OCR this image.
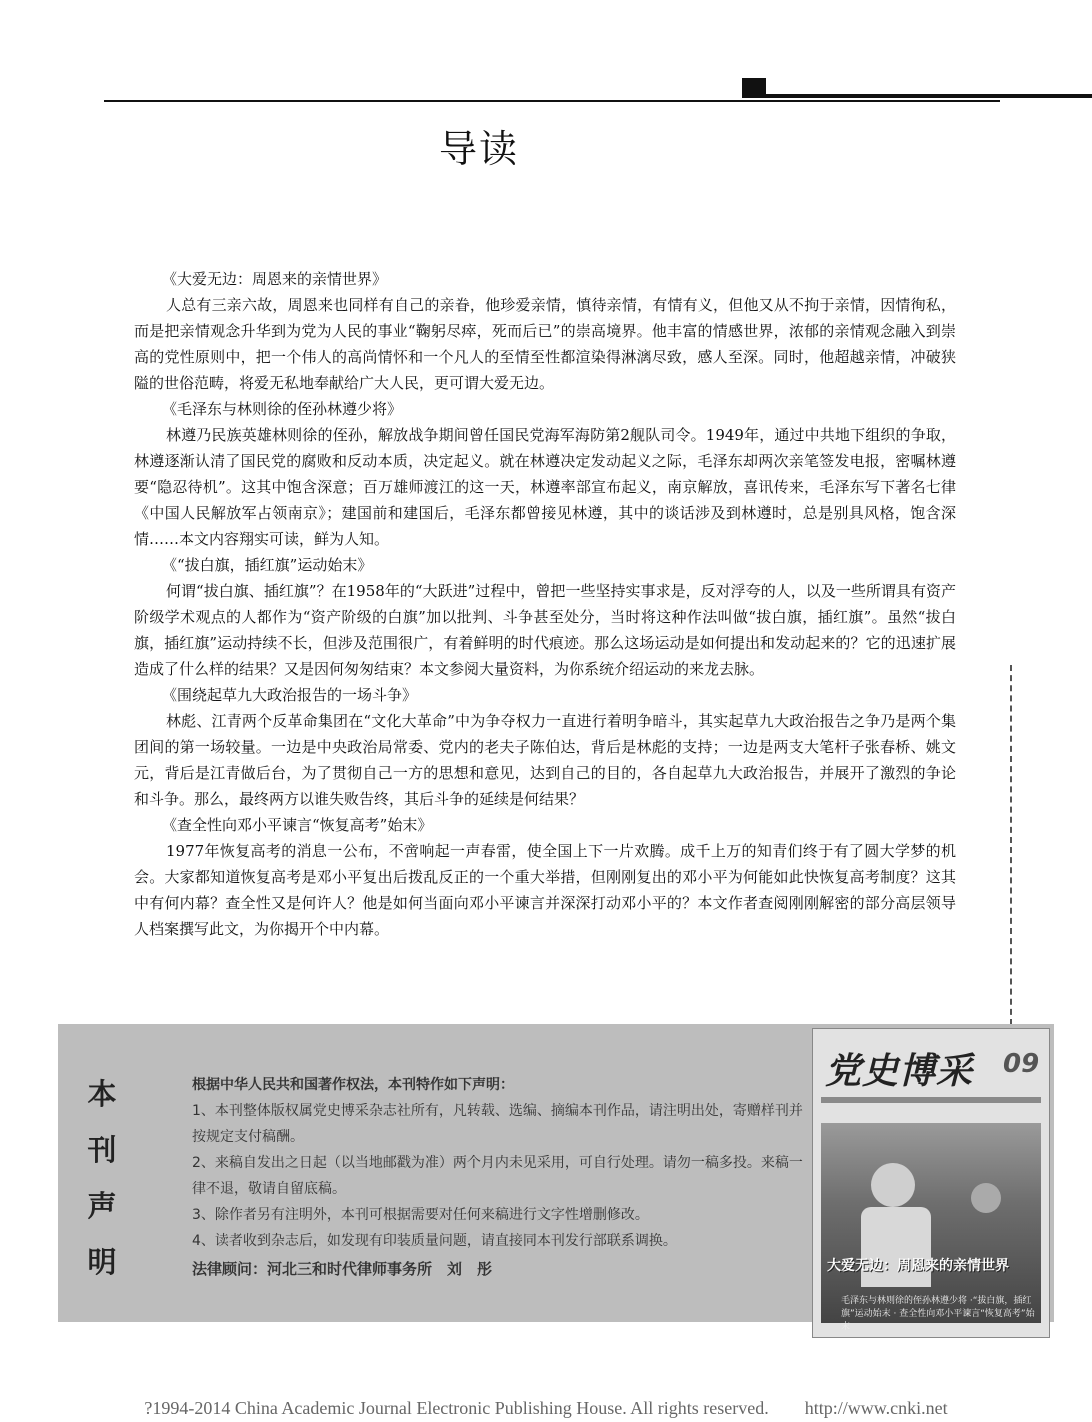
导读

《大爱无边：周恩来的亲情世界》

人总有三亲六故，周恩来也同样有自己的亲眷，他珍爱亲情，慎待亲情，有情有义，但他又从不拘于亲情，因情徇私，而是把亲情观念升华到为党为人民的事业“鞠躬尽瘁，死而后已”的崇高境界。他丰富的情感世界，浓郁的亲情观念融入到崇高的党性原则中，把一个伟人的高尚情怀和一个凡人的至情至性都渲染得淋漓尽致，感人至深。同时，他超越亲情，冲破狭隘的世俗范畴，将爱无私地奉献给广大人民，更可谓大爱无边。

《毛泽东与林则徐的侄孙林遵少将》

林遵乃民族英雄林则徐的侄孙，解放战争期间曾任国民党海军海防第2舰队司令。1949年，通过中共地下组织的争取，林遵逐渐认清了国民党的腐败和反动本质，决定起义。就在林遵决定发动起义之际，毛泽东却两次亲笔签发电报，密嘱林遵要“隐忍待机”。这其中饱含深意；百万雄师渡江的这一天，林遵率部宣布起义，南京解放，喜讯传来，毛泽东写下著名七律《中国人民解放军占领南京》；建国前和建国后，毛泽东都曾接见林遵，其中的谈话涉及到林遵时，总是别具风格，饱含深情……本文内容翔实可读，鲜为人知。

《“拔白旗，插红旗”运动始末》

何谓“拔白旗、插红旗”？在1958年的“大跃进”过程中，曾把一些坚持实事求是，反对浮夸的人，以及一些所谓具有资产阶级学术观点的人都作为“资产阶级的白旗”加以批判、斗争甚至处分，当时将这种作法叫做“拔白旗，插红旗”。虽然“拔白旗，插红旗”运动持续不长，但涉及范围很广，有着鲜明的时代痕迹。那么这场运动是如何提出和发动起来的？它的迅速扩展造成了什么样的结果？又是因何匆匆结束？本文参阅大量资料，为你系统介绍运动的来龙去脉。

《围绕起草九大政治报告的一场斗争》

林彪、江青两个反革命集团在“文化大革命”中为争夺权力一直进行着明争暗斗，其实起草九大政治报告之争乃是两个集团间的第一场较量。一边是中央政治局常委、党内的老夫子陈伯达，背后是林彪的支持；一边是两支大笔杆子张春桥、姚文元，背后是江青做后台，为了贯彻自己一方的思想和意见，达到自己的目的，各自起草九大政治报告，并展开了激烈的争论和斗争。那么，最终两方以谁失败告终，其后斗争的延续是何结果？

《查全性向邓小平谏言“恢复高考”始末》

1977年恢复高考的消息一公布，不啻响起一声春雷，使全国上下一片欢腾。成千上万的知青们终于有了圆大学梦的机会。大家都知道恢复高考是邓小平复出后拨乱反正的一个重大举措，但刚刚复出的邓小平为何能如此快恢复高考制度？这其中有何内幕？查全性又是何许人？他是如何当面向邓小平谏言并深深打动邓小平的？本文作者查阅刚刚解密的部分高层领导人档案撰写此文，为你揭开个中内幕。

本
刊
声
明

根据中华人民共和国著作权法，本刊特作如下声明：

1、本刊整体版权属党史博采杂志社所有，凡转载、选编、摘编本刊作品，请注明出处，寄赠样刊并按规定支付稿酬。

2、来稿自发出之日起（以当地邮戳为准）两个月内未见采用，可自行处理。请勿一稿多投。来稿一律不退，敬请自留底稿。

3、除作者另有注明外，本刊可根据需要对任何来稿进行文字性增删修改。

4、读者收到杂志后，如发现有印装质量问题，请直接同本刊发行部联系调换。

法律顾问：河北三和时代律师事务所　刘　彤

党史博采 09
大爱无边：周恩来的亲情世界
毛泽东与林则徐的侄孙林遵少将 ·“拔白旗，插红旗”运动始末 · 查全性向邓小平谏言“恢复高考”始末
?1994-2014 China Academic Journal Electronic Publishing House. All rights reserved.　　http://www.cnki.net
